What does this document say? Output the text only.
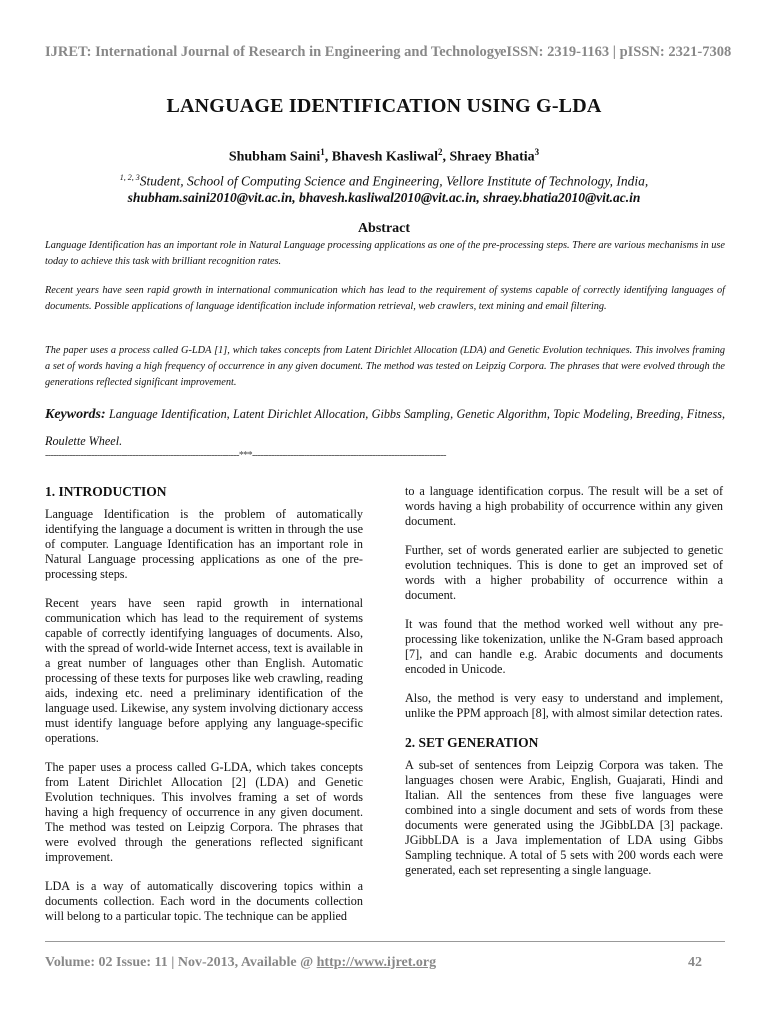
IJRET: International Journal of Research in Engineering and Technology
eISSN: 2319-1163 | pISSN: 2321-7308
LANGUAGE IDENTIFICATION USING G-LDA
Shubham Saini$^1$, Bhavesh Kasliwal$^2$, Shraey Bhatia$^3$
$^{1, 2, 3}$Student, School of Computing Science and Engineering, Vellore Institute of Technology, India,
shubham.saini2010@vit.ac.in, bhavesh.kasliwal2010@vit.ac.in, shraey.bhatia2010@vit.ac.in
Abstract

Language Identification has an important role in Natural Language processing applications as one of the pre-processing steps. There are various mechanisms in use today to achieve this task with brilliant recognition rates.

Recent years have seen rapid growth in international communication which has lead to the requirement of systems capable of correctly identifying languages of documents. Possible applications of language identification include information retrieval, web crawlers, text mining and email filtering.

The paper uses a process called G-LDA [1], which takes concepts from Latent Dirichlet Allocation (LDA) and Genetic Evolution techniques. This involves framing a set of words having a high frequency of occurrence in any given document. The method was tested on Leipzig Corpora. The phrases that were evolved through the generations reflected significant improvement.

Keywords: Language Identification, Latent Dirichlet Allocation, Gibbs Sampling, Genetic Algorithm, Topic Modeling, Breeding, Fitness, Roulette Wheel.

-----------------------------------------------------------------------***-----------------------------------------------------------------------
1. INTRODUCTION

Language Identification is the problem of automatically identifying the language a document is written in through the use of computer. Language Identification has an important role in Natural Language processing applications as one of the pre-processing steps.

Recent years have seen rapid growth in international communication which has lead to the requirement of systems capable of correctly identifying languages of documents. Also, with the spread of world-wide Internet access, text is available in a great number of languages other than English. Automatic processing of these texts for purposes like web crawling, reading aids, indexing etc. need a preliminary identification of the language used. Likewise, any system involving dictionary access must identify language before applying any language-specific operations.

The paper uses a process called G-LDA, which takes concepts from Latent Dirichlet Allocation [2] (LDA) and Genetic Evolution techniques. This involves framing a set of words having a high frequency of occurrence in any given document. The method was tested on Leipzig Corpora. The phrases that were evolved through the generations reflected significant improvement.

LDA is a way of automatically discovering topics within a documents collection. Each word in the documents collection will belong to a particular topic. The technique can be applied

to a language identification corpus. The result will be a set of words having a high probability of occurrence within any given document.

Further, set of words generated earlier are subjected to genetic evolution techniques. This is done to get an improved set of words with a higher probability of occurrence within a document.

It was found that the method worked well without any pre-processing like tokenization, unlike the N-Gram based approach [7], and can handle e.g. Arabic documents and documents encoded in Unicode.

Also, the method is very easy to understand and implement, unlike the PPM approach [8], with almost similar detection rates.

2. SET GENERATION

A sub-set of sentences from Leipzig Corpora was taken. The languages chosen were Arabic, English, Guajarati, Hindi and Italian. All the sentences from these five languages were combined into a single document and sets of words from these documents were generated using the JGibbLDA [3] package. JGibbLDA is a Java implementation of LDA using Gibbs Sampling technique. A total of 5 sets with 200 words each were generated, each set representing a single language.

Volume: 02 Issue: 11 | Nov-2013, Available @ http://www.ijret.org	42
